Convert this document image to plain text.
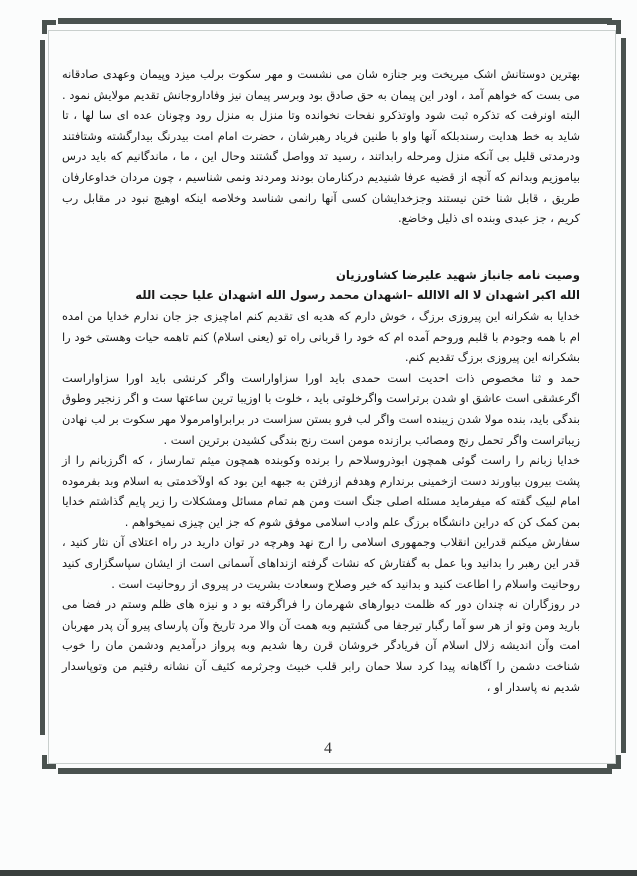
بهترین دوستانش اشک میریخت وبر جنازه شان می نشست و مهر سکوت برلب میزد وپیمان وعهدی صادقانه می بست که خواهم آمد ، اودر این پیمان به حق صادق بود وبرسر پیمان نیز وفاداروجانش تقدیم مولایش نمود . البته اونرفت که تذکره ثبت شود واوتذکرو نفحات نخوانده وتا منزل به منزل رود وچونان عده ای سا لها ، تا شاید به خط هدایت رسندبلکه آنها واو با طنین فریاد رهبرشان ، حضرت امام امت بیدرنگ بیدارگشته وشتافتند ودرمدتی قلیل بی آنکه منزل ومرحله رابداتند ، رسید تد وواصل گشتند وحال این ، ما ، ماندگانیم که باید درس بیاموزیم وبدانم که آنچه از قضیه عرفا شنیدیم درکنارمان بودند ومردند ونمی شناسیم ، چون مردان خداوعارفان طریق ، قابل شنا ختن نیستند وجزخدایشان کسی آنها رانمی شناسد وخلاصه اینکه اوهیچ نبود در مقابل رب کریم ، جز عبدی وبنده ای ذلیل وخاضع.

وصیت نامه جانباز شهید علیرضا کشاورزیان

الله اکبر اشهدان لا اله الاالله –اشهدان محمد رسول الله اشهدان علیا حجت الله

خدایا به شکرانه این پیروزی برزگ ، خوش دارم که هدیه ای تقدیم کنم اماچیزی جز جان ندارم خدایا من امده ام با همه وجودم با قلبم وروحم آمده ام که خود را قربانی راه تو (یعنی اسلام) کنم تاهمه حیات وهستی خود را بشکرانه این پیروزی برزگ تقدیم کنم.

حمد و ثنا مخصوص ذات احدیت است حمدی باید اورا سزاواراست واگر کرنشی باید اورا سزاواراست اگرعشقی است عاشق او شدن برتراست واگرخلوتی باید ، خلوت با اوزیبا ترین ساعتها ست و اگر زنجیر وطوق بندگی باید، بنده مولا شدن زیبنده است واگر لب فرو بستن سزاست در برابراوامرمولا مهر سکوت بر لب نهادن زیباتراست واگر تحمل رنج ومصائب برازنده مومن است رنج بندگی کشیدن برترین است .

خدایا زبانم را راست گوئی همچون ابوذروسلاحم را برنده وکوبنده همچون میثم تمارساز ، که اگرزبانم را از پشت بیرون بیاورند دست ازخمینی برندارم وهدفم ازرفتن به جبهه این بود که اولآخدمتی به اسلام وبد بفرموده امام لبیک گفته که میفرماید مسئله اصلی جنگ است ومن هم تمام مسائل ومشکلات را زیر پایم گذاشتم خدایا بمن کمک کن که دراین دانشگاه برزگ علم وادب اسلامی موفق شوم که جز این چیزی نمیخواهم .

سفارش میکنم قدراین انقلاب وجمهوری اسلامی را ارج نهد وهرچه در توان دارید در راه اعتلای آن نثار کنید ، قدر این رهبر را بدانید وبا عمل به گفتارش که نشات گرفته ازنداهای آسمانی است از ایشان سپاسگزاری کنید روحانیت واسلام را اطاعت کنید و بدانید که خیر وصلاح وسعادت بشریت در پیروی از روحانیت است .

در روزگاران نه چندان دور که ظلمت دیوارهای شهرمان را فراگرفته بو د و نیزه های ظلم وستم در فضا می بارید ومن وتو از هر سو آما رگبار تیرجفا می گشتیم وبه همت آن والا مرد تاریخ وآن پارسای پیرو آن پدر مهربان امت وآن اندیشه زلال اسلام آن فریادگر خروشان قرن رها شدیم وبه پرواز درآمدیم ودشمن مان را خوب شناخت دشمن را آگاهانه پیدا کرد سلا حمان رابر قلب خبیث وجرثرمه کثیف آن نشانه رفتیم من وتوپاسدار شدیم نه پاسدار او ،

4
